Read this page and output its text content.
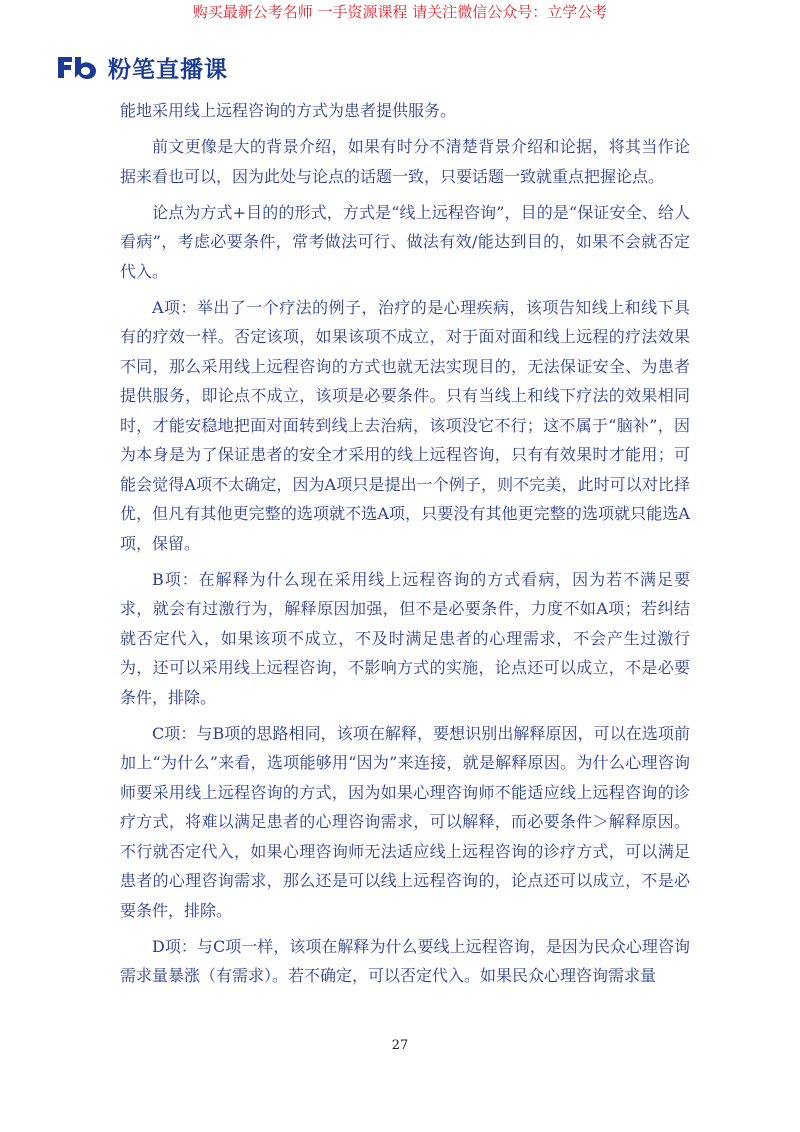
购买最新公考名师 一手资源课程 请关注微信公众号：立学公考
粉笔直播课

能地采用线上远程咨询的方式为患者提供服务。

前文更像是大的背景介绍，如果有时分不清楚背景介绍和论据，将其当作论据来看也可以，因为此处与论点的话题一致，只要话题一致就重点把握论点。

论点为方式+目的的形式，方式是“线上远程咨询”，目的是“保证安全、给人看病”，考虑必要条件，常考做法可行、做法有效/能达到目的，如果不会就否定代入。

A项：举出了一个疗法的例子，治疗的是心理疾病，该项告知线上和线下具有的疗效一样。否定该项，如果该项不成立，对于面对面和线上远程的疗法效果不同，那么采用线上远程咨询的方式也就无法实现目的，无法保证安全、为患者提供服务，即论点不成立，该项是必要条件。只有当线上和线下疗法的效果相同时，才能安稳地把面对面转到线上去治病，该项没它不行；这不属于“脑补”，因为本身是为了保证患者的安全才采用的线上远程咨询，只有有效果时才能用；可能会觉得A项不太确定，因为A项只是提出一个例子，则不完美，此时可以对比择优，但凡有其他更完整的选项就不选A项，只要没有其他更完整的选项就只能选A项，保留。

B项：在解释为什么现在采用线上远程咨询的方式看病，因为若不满足要求，就会有过激行为，解释原因加强，但不是必要条件，力度不如A项；若纠结就否定代入，如果该项不成立，不及时满足患者的心理需求，不会产生过激行为，还可以采用线上远程咨询，不影响方式的实施，论点还可以成立，不是必要条件，排除。

C项：与B项的思路相同，该项在解释，要想识别出解释原因，可以在选项前加上“为什么”来看，选项能够用“因为”来连接，就是解释原因。为什么心理咨询师要采用线上远程咨询的方式，因为如果心理咨询师不能适应线上远程咨询的诊疗方式，将难以满足患者的心理咨询需求，可以解释，而必要条件＞解释原因。不行就否定代入，如果心理咨询师无法适应线上远程咨询的诊疗方式，可以满足患者的心理咨询需求，那么还是可以线上远程咨询的，论点还可以成立，不是必要条件，排除。

D项：与C项一样，该项在解释为什么要线上远程咨询，是因为民众心理咨询需求量暴涨（有需求）。若不确定，可以否定代入。如果民众心理咨询需求量

27
